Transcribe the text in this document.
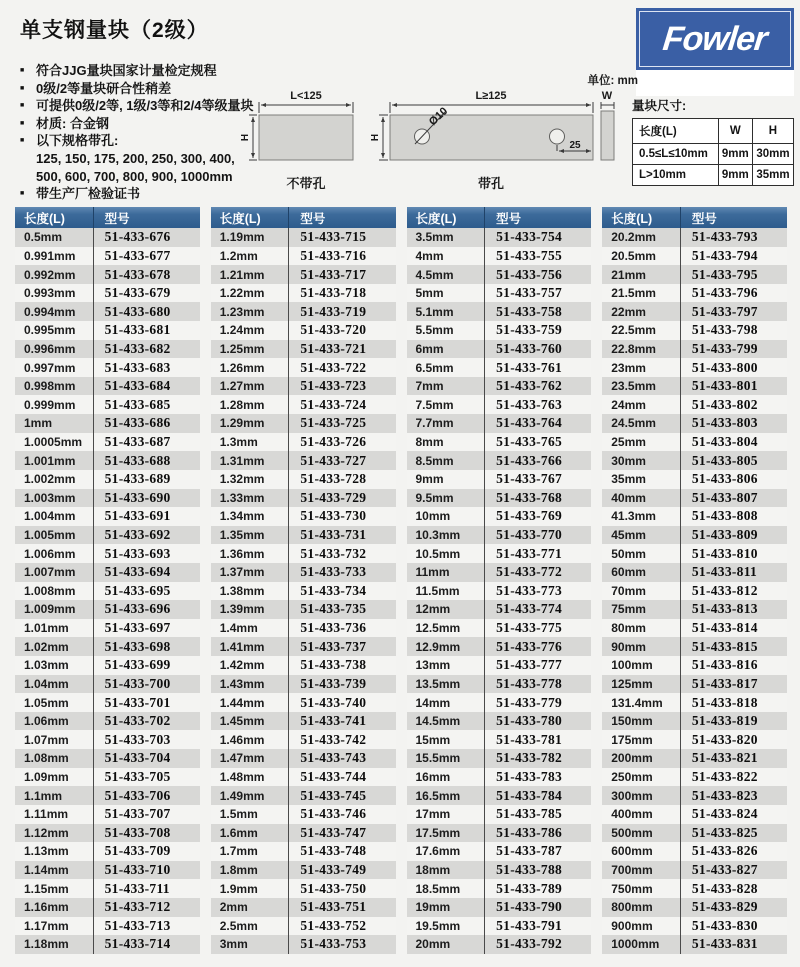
单支钢量块（2级）	Fowler
■ 符合JJG量块国家计量检定规程
■ 0级/2等量块研合性稍差
■ 可提供0级/2等, 1级/3等和2/4等级量块
■ 材质: 合金钢
■ 以下规格带孔:
125, 150, 175, 200, 250, 300, 400,
500, 600, 700, 800, 900, 1000mm
■ 带生产厂检验证书
单位: mm
L<125
H
不带孔
L≥125
H
Ø10
25
带孔
W
量块尺寸:
长度(L)	W	H
0.5≤L≤10mm	9mm	30mm
L>10mm	9mm	35mm
长度(L)	型号
0.5mm	51-433-676
0.991mm	51-433-677
0.992mm	51-433-678
0.993mm	51-433-679
0.994mm	51-433-680
0.995mm	51-433-681
0.996mm	51-433-682
0.997mm	51-433-683
0.998mm	51-433-684
0.999mm	51-433-685
1mm	51-433-686
1.0005mm	51-433-687
1.001mm	51-433-688
1.002mm	51-433-689
1.003mm	51-433-690
1.004mm	51-433-691
1.005mm	51-433-692
1.006mm	51-433-693
1.007mm	51-433-694
1.008mm	51-433-695
1.009mm	51-433-696
1.01mm	51-433-697
1.02mm	51-433-698
1.03mm	51-433-699
1.04mm	51-433-700
1.05mm	51-433-701
1.06mm	51-433-702
1.07mm	51-433-703
1.08mm	51-433-704
1.09mm	51-433-705
1.1mm	51-433-706
1.11mm	51-433-707
1.12mm	51-433-708
1.13mm	51-433-709
1.14mm	51-433-710
1.15mm	51-433-711
1.16mm	51-433-712
1.17mm	51-433-713
1.18mm	51-433-714
长度(L)	型号
1.19mm	51-433-715
1.2mm	51-433-716
1.21mm	51-433-717
1.22mm	51-433-718
1.23mm	51-433-719
1.24mm	51-433-720
1.25mm	51-433-721
1.26mm	51-433-722
1.27mm	51-433-723
1.28mm	51-433-724
1.29mm	51-433-725
1.3mm	51-433-726
1.31mm	51-433-727
1.32mm	51-433-728
1.33mm	51-433-729
1.34mm	51-433-730
1.35mm	51-433-731
1.36mm	51-433-732
1.37mm	51-433-733
1.38mm	51-433-734
1.39mm	51-433-735
1.4mm	51-433-736
1.41mm	51-433-737
1.42mm	51-433-738
1.43mm	51-433-739
1.44mm	51-433-740
1.45mm	51-433-741
1.46mm	51-433-742
1.47mm	51-433-743
1.48mm	51-433-744
1.49mm	51-433-745
1.5mm	51-433-746
1.6mm	51-433-747
1.7mm	51-433-748
1.8mm	51-433-749
1.9mm	51-433-750
2mm	51-433-751
2.5mm	51-433-752
3mm	51-433-753
长度(L)	型号
3.5mm	51-433-754
4mm	51-433-755
4.5mm	51-433-756
5mm	51-433-757
5.1mm	51-433-758
5.5mm	51-433-759
6mm	51-433-760
6.5mm	51-433-761
7mm	51-433-762
7.5mm	51-433-763
7.7mm	51-433-764
8mm	51-433-765
8.5mm	51-433-766
9mm	51-433-767
9.5mm	51-433-768
10mm	51-433-769
10.3mm	51-433-770
10.5mm	51-433-771
11mm	51-433-772
11.5mm	51-433-773
12mm	51-433-774
12.5mm	51-433-775
12.9mm	51-433-776
13mm	51-433-777
13.5mm	51-433-778
14mm	51-433-779
14.5mm	51-433-780
15mm	51-433-781
15.5mm	51-433-782
16mm	51-433-783
16.5mm	51-433-784
17mm	51-433-785
17.5mm	51-433-786
17.6mm	51-433-787
18mm	51-433-788
18.5mm	51-433-789
19mm	51-433-790
19.5mm	51-433-791
20mm	51-433-792
长度(L)	型号
20.2mm	51-433-793
20.5mm	51-433-794
21mm	51-433-795
21.5mm	51-433-796
22mm	51-433-797
22.5mm	51-433-798
22.8mm	51-433-799
23mm	51-433-800
23.5mm	51-433-801
24mm	51-433-802
24.5mm	51-433-803
25mm	51-433-804
30mm	51-433-805
35mm	51-433-806
40mm	51-433-807
41.3mm	51-433-808
45mm	51-433-809
50mm	51-433-810
60mm	51-433-811
70mm	51-433-812
75mm	51-433-813
80mm	51-433-814
90mm	51-433-815
100mm	51-433-816
125mm	51-433-817
131.4mm	51-433-818
150mm	51-433-819
175mm	51-433-820
200mm	51-433-821
250mm	51-433-822
300mm	51-433-823
400mm	51-433-824
500mm	51-433-825
600mm	51-433-826
700mm	51-433-827
750mm	51-433-828
800mm	51-433-829
900mm	51-433-830
1000mm	51-433-831
